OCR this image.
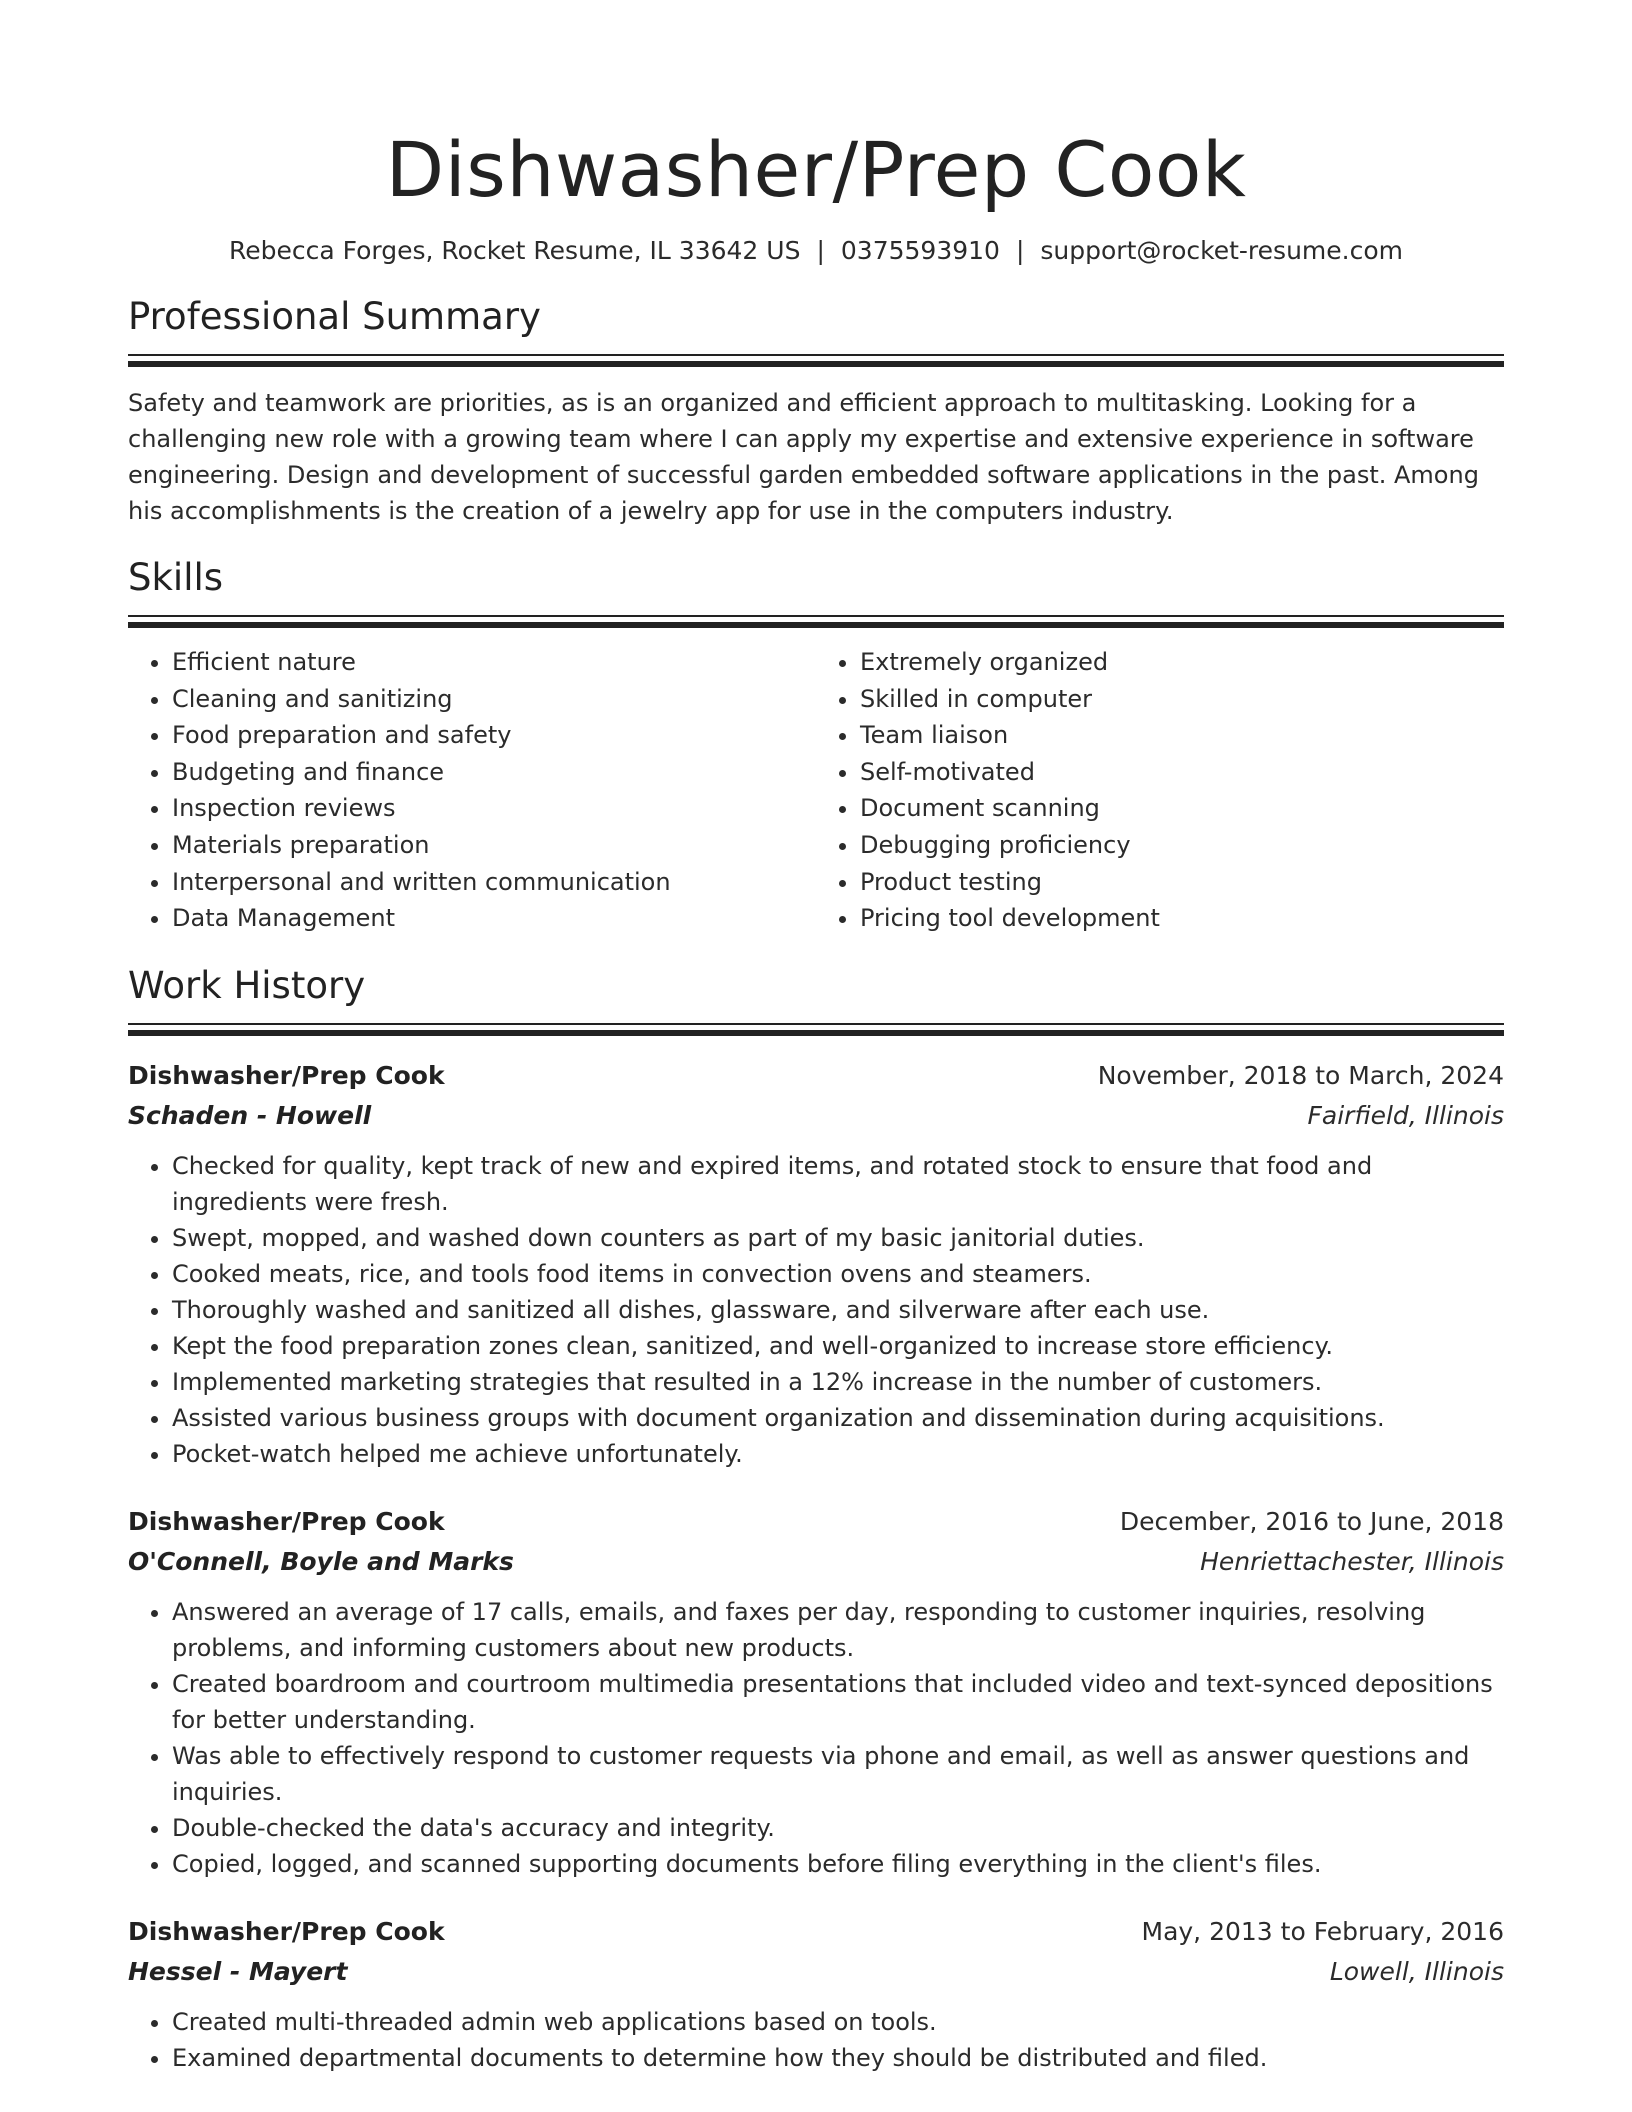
Dishwasher/Prep Cook
Rebecca Forges, Rocket Resume, IL 33642 US | 0375593910 | support@rocket-resume.com
Professional Summary

Safety and teamwork are priorities, as is an organized and efficient approach to multitasking. Looking for a challenging new role with a growing team where I can apply my expertise and extensive experience in software engineering. Design and development of successful garden embedded software applications in the past. Among his accomplishments is the creation of a jewelry app for use in the computers industry.

Skills
• Efficient nature
• Cleaning and sanitizing
• Food preparation and safety
• Budgeting and finance
• Inspection reviews
• Materials preparation
• Interpersonal and written communication
• Data Management
• Extremely organized
• Skilled in computer
• Team liaison
• Self-motivated
• Document scanning
• Debugging proficiency
• Product testing
• Pricing tool development
Work History
Dishwasher/Prep Cook	November, 2018 to March, 2024
Schaden - Howell	Fairfield, Illinois
• Checked for quality, kept track of new and expired items, and rotated stock to ensure that food and ingredients were fresh.
• Swept, mopped, and washed down counters as part of my basic janitorial duties.
• Cooked meats, rice, and tools food items in convection ovens and steamers.
• Thoroughly washed and sanitized all dishes, glassware, and silverware after each use.
• Kept the food preparation zones clean, sanitized, and well-organized to increase store efficiency.
• Implemented marketing strategies that resulted in a 12% increase in the number of customers.
• Assisted various business groups with document organization and dissemination during acquisitions.
• Pocket-watch helped me achieve unfortunately.
Dishwasher/Prep Cook	December, 2016 to June, 2018
O'Connell, Boyle and Marks	Henriettachester, Illinois
• Answered an average of 17 calls, emails, and faxes per day, responding to customer inquiries, resolving problems, and informing customers about new products.
• Created boardroom and courtroom multimedia presentations that included video and text-synced depositions for better understanding.
• Was able to effectively respond to customer requests via phone and email, as well as answer questions and inquiries.
• Double-checked the data's accuracy and integrity.
• Copied, logged, and scanned supporting documents before filing everything in the client's files.
Dishwasher/Prep Cook	May, 2013 to February, 2016
Hessel - Mayert	Lowell, Illinois
• Created multi-threaded admin web applications based on tools.
• Examined departmental documents to determine how they should be distributed and filed.
